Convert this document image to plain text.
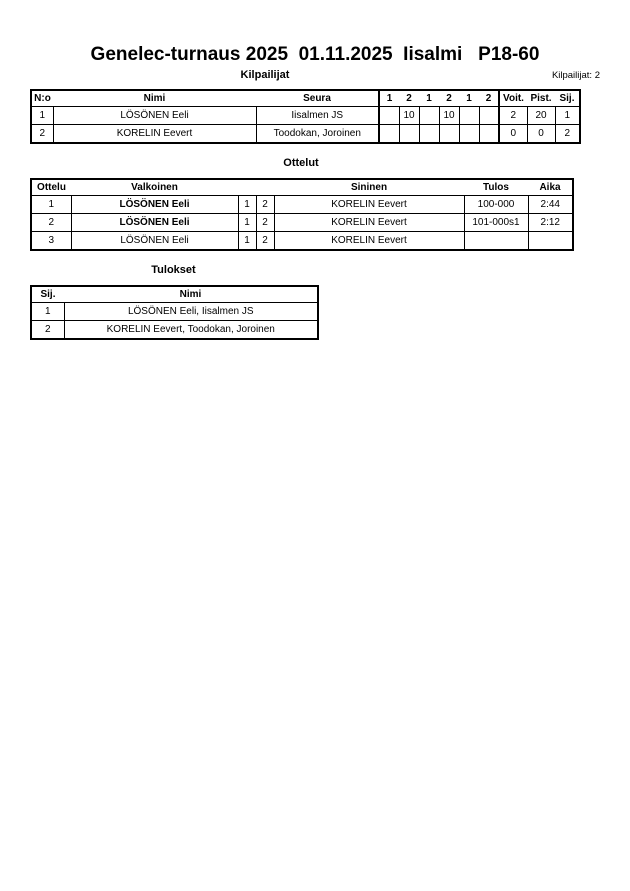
Genelec-turnaus 2025  01.11.2025  Iisalmi   P18-60
Kilpailijat	Kilpailijat: 2
N:o	Nimi	Seura	1	2	1	2	1	2	Voit.	Pist.	Sij.
1	LÖSÖNEN Eeli	Iisalmen JS		10		10			2	20	1
2	KORELIN Eevert	Toodokan, Joroinen							0	0	2
Ottelut
Ottelu	Valkoinen			Sininen	Tulos	Aika
1	LÖSÖNEN Eeli	1	2	KORELIN Eevert	100-000	2:44
2	LÖSÖNEN Eeli	1	2	KORELIN Eevert	101-000s1	2:12
3	LÖSÖNEN Eeli	1	2	KORELIN Eevert		
Tulokset
Sij.	Nimi
1	LÖSÖNEN Eeli, Iisalmen JS
2	KORELIN Eevert, Toodokan, Joroinen
